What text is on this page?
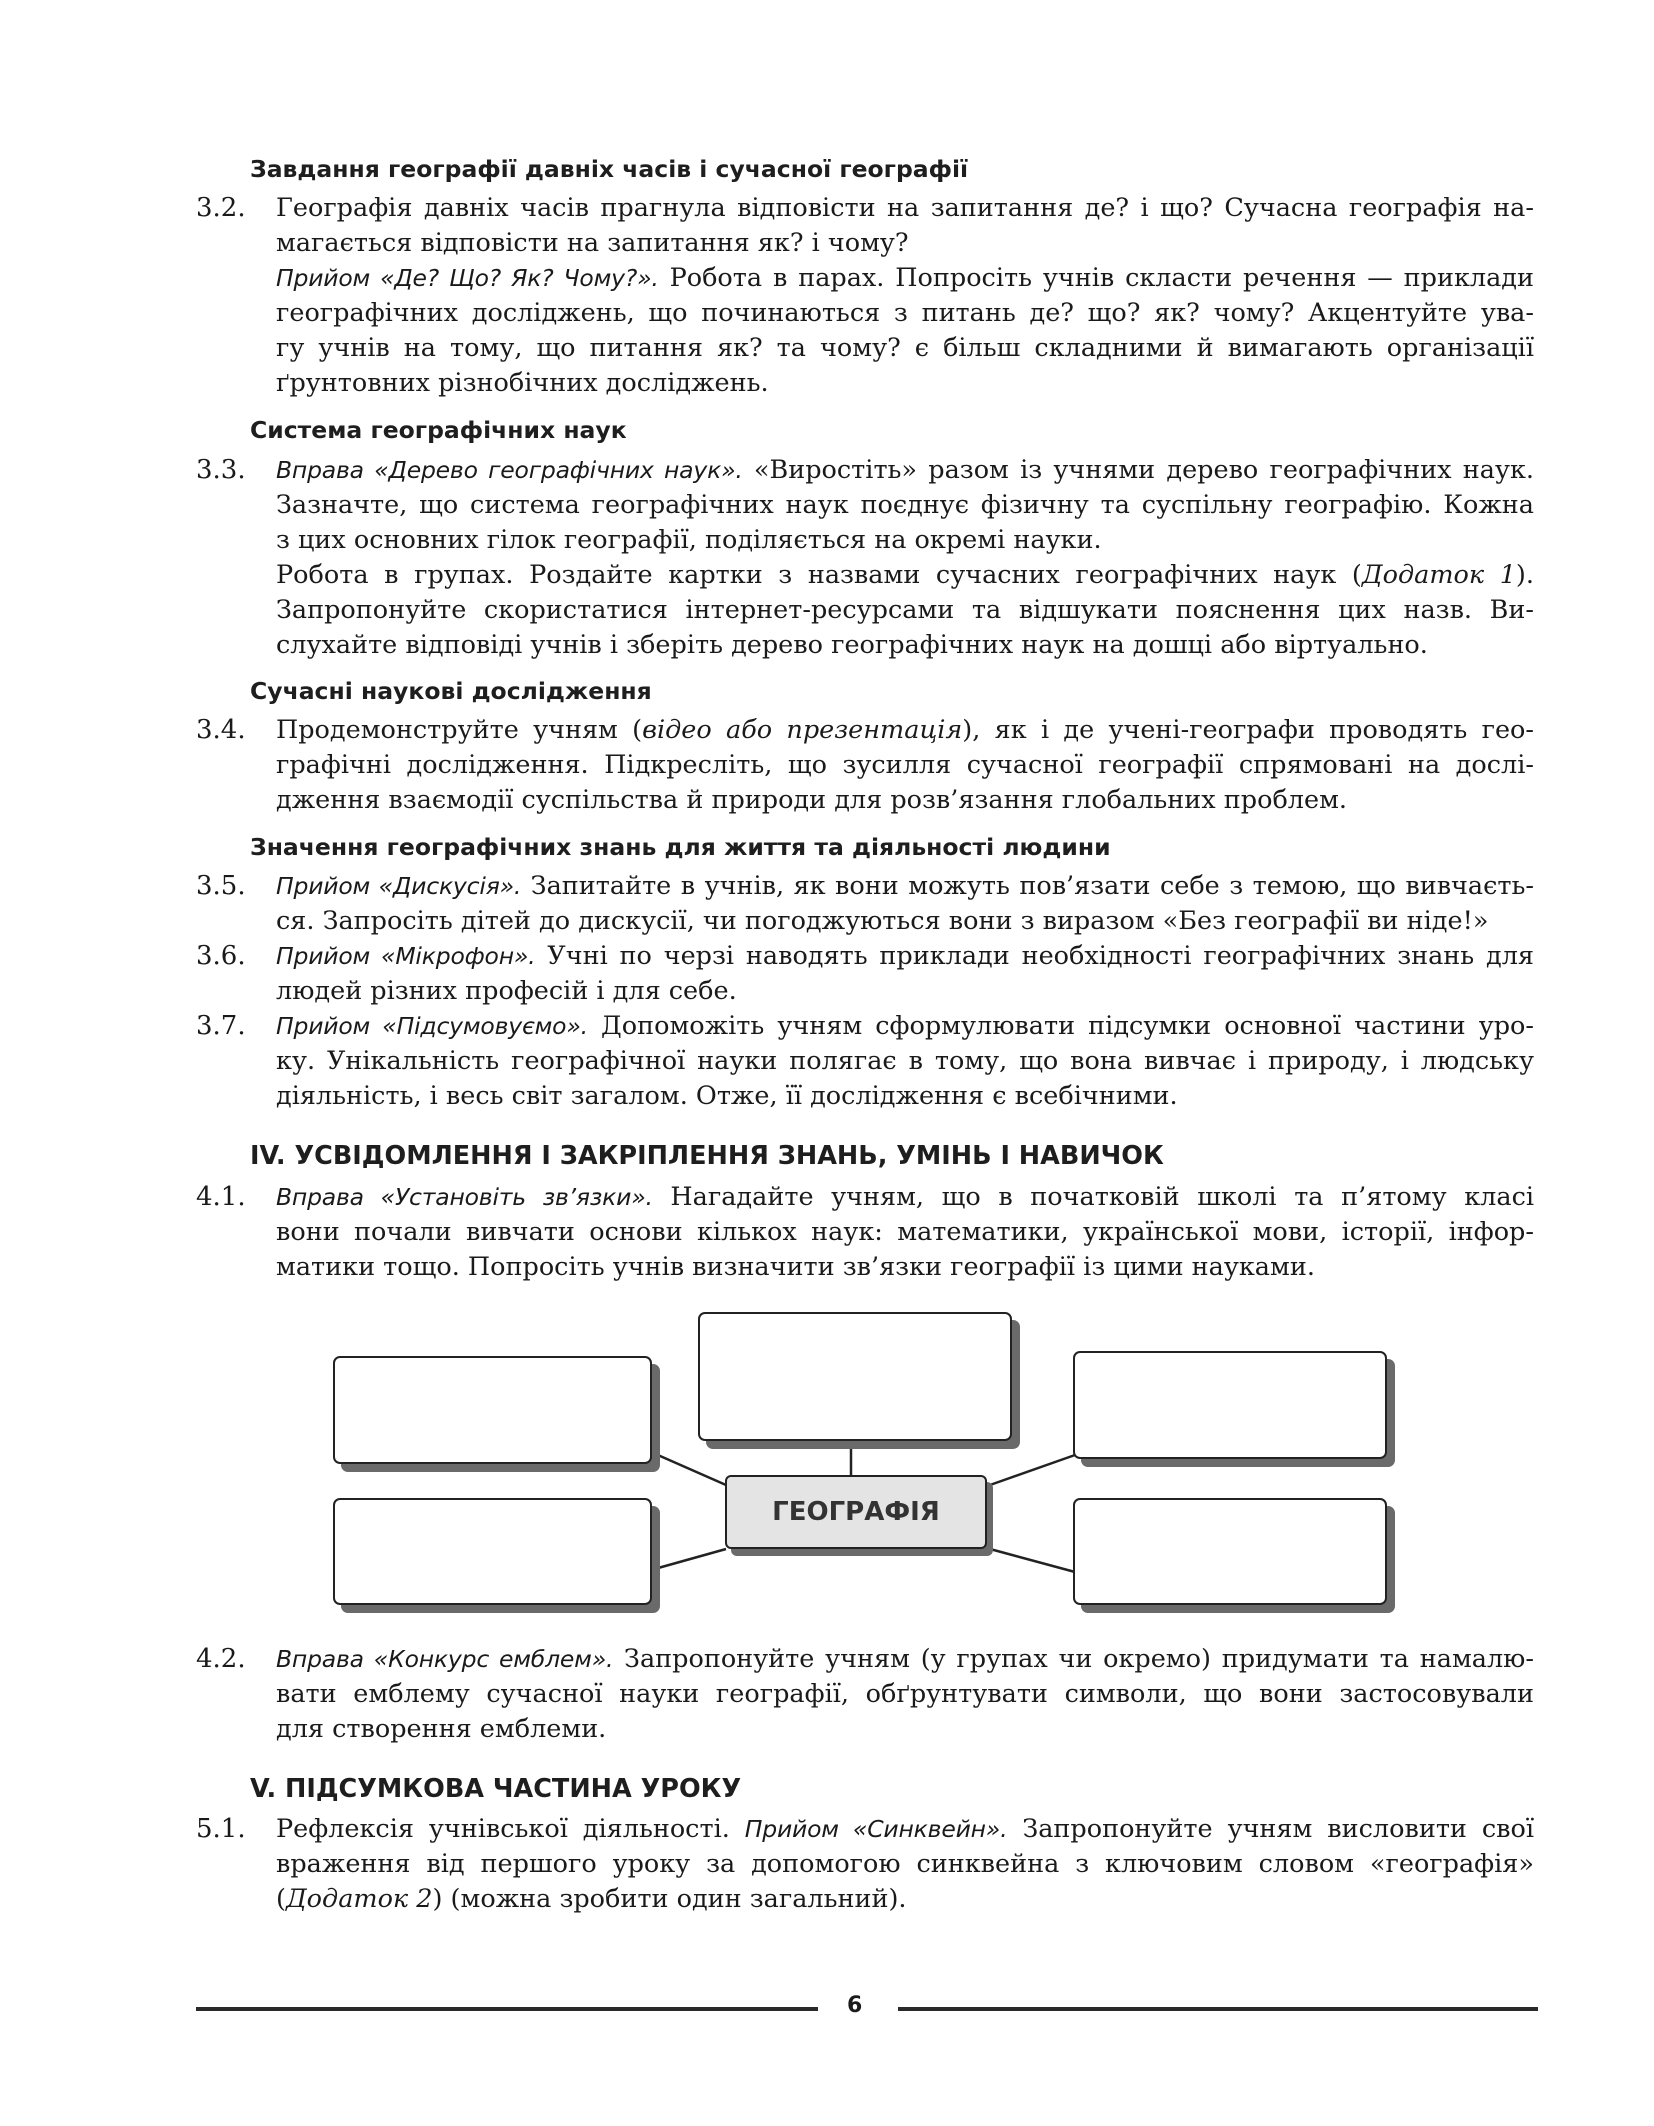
Завдання географії давніх часів і сучасної географії
3.2. Географія давніх часів прагнула відповісти на запитання де? і що? Сучасна географія на-

магається відповісти на запитання як? і чому?

Прийом «Де? Що? Як? Чому?». Робота в парах. Попросіть учнів скласти речення — приклади

географічних досліджень, що починаються з питань де? що? як? чому? Акцентуйте ува-

гу учнів на тому, що питання як? та чому? є більш складними й вимагають організації

ґрунтовних різнобічних досліджень.

Система географічних наук
3.3. Вправа «Дерево географічних наук». «Виростіть» разом із учнями дерево географічних наук.

Зазначте, що система географічних наук поєднує фізичну та суспільну географію. Кожна

з цих основних гілок географії, поділяється на окремі науки.

Робота в групах. Роздайте картки з назвами сучасних географічних наук (Додаток 1).

Запропонуйте скористатися інтернет-ресурсами та відшукати пояснення цих назв. Ви-

слухайте відповіді учнів і зберіть дерево географічних наук на дошці або віртуально.

Сучасні наукові дослідження
3.4. Продемонструйте учням (відео або презентація), як і де учені-географи проводять гео-

графічні дослідження. Підкресліть, що зусилля сучасної географії спрямовані на дослі-

дження взаємодії суспільства й природи для розв’язання глобальних проблем.

Значення географічних знань для життя та діяльності людини
3.5. Прийом «Дискусія». Запитайте в учнів, як вони можуть пов’язати себе з темою, що вивчаєть-

ся. Запросіть дітей до дискусії, чи погоджуються вони з виразом «Без географії ви ніде!»

3.6. Прийом «Мікрофон». Учні по черзі наводять приклади необхідності географічних знань для

людей різних професій і для себе.

3.7. Прийом «Підсумовуємо». Допоможіть учням сформулювати підсумки основної частини уро-

ку. Унікальність географічної науки полягає в тому, що вона вивчає і природу, і людську

діяльність, і весь світ загалом. Отже, її дослідження є всебічними.

IV. УСВІДОМЛЕННЯ І ЗАКРІПЛЕННЯ ЗНАНЬ, УМІНЬ І НАВИЧОК
4.1. Вправа «Установіть зв’язки». Нагадайте учням, що в початковій школі та п’ятому класі

вони почали вивчати основи кількох наук: математики, української мови, історії, інфор-

матики тощо. Попросіть учнів визначити зв’язки географії із цими науками.

ГЕОГРАФІЯ
4.2. Вправа «Конкурс емблем». Запропонуйте учням (у групах чи окремо) придумати та намалю-

вати емблему сучасної науки географії, обґрунтувати символи, що вони застосовували

для створення емблеми.

V. ПІДСУМКОВА ЧАСТИНА УРОКУ
5.1. Рефлексія учнівської діяльності. Прийом «Синквейн». Запропонуйте учням висловити свої

враження від першого уроку за допомогою синквейна з ключовим словом «географія»

(Додаток 2) (можна зробити один загальний).

6
